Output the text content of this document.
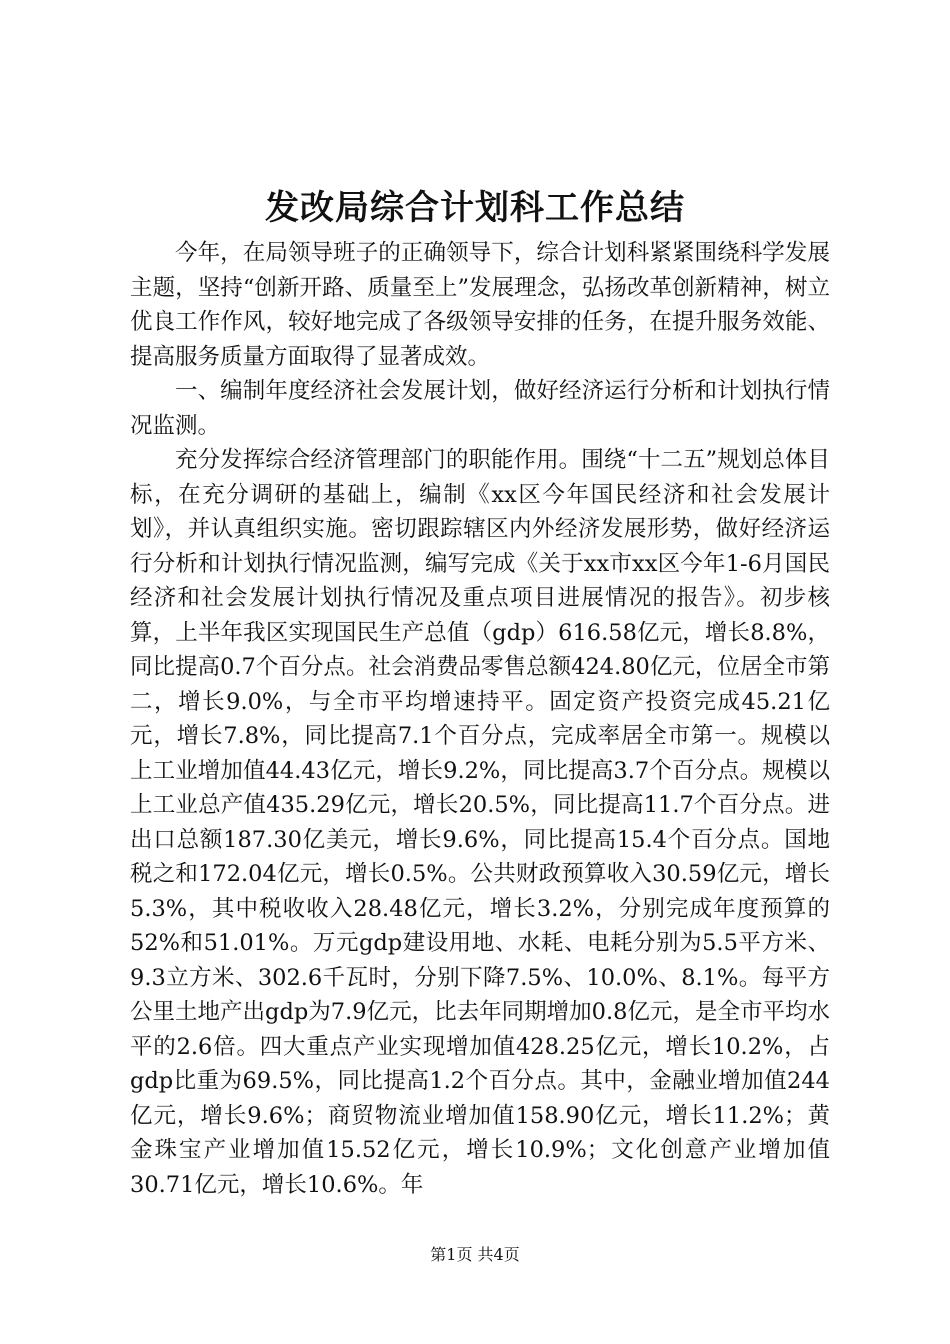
发改局综合计划科工作总结

今年，在局领导班子的正确领导下，综合计划科紧紧围绕科学发展主题，坚持“创新开路、质量至上”发展理念，弘扬改革创新精神，树立优良工作作风，较好地完成了各级领导安排的任务，在提升服务效能、提高服务质量方面取得了显著成效。

一、编制年度经济社会发展计划，做好经济运行分析和计划执行情况监测。

充分发挥综合经济管理部门的职能作用。围绕“十二五”规划总体目标，在充分调研的基础上，编制《xx区今年国民经济和社会发展计划》，并认真组织实施。密切跟踪辖区内外经济发展形势，做好经济运行分析和计划执行情况监测，编写完成《关于xx市xx区今年1-6月国民经济和社会发展计划执行情况及重点项目进展情况的报告》。初步核算，上半年我区实现国民生产总值（gdp）616.58亿元，增长8.8%，同比提高0.7个百分点。社会消费品零售总额424.80亿元，位居全市第二，增长9.0%，与全市平均增速持平。固定资产投资完成45.21亿元，增长7.8%，同比提高7.1个百分点，完成率居全市第一。规模以上工业增加值44.43亿元，增长9.2%，同比提高3.7个百分点。规模以上工业总产值435.29亿元，增长20.5%，同比提高11.7个百分点。进出口总额187.30亿美元，增长9.6%，同比提高15.4个百分点。国地税之和172.04亿元，增长0.5%。公共财政预算收入30.59亿元，增长5.3%，其中税收收入28.48亿元，增长3.2%，分别完成年度预算的52%和51.01%。万元gdp建设用地、水耗、电耗分别为5.5平方米、9.3立方米、302.6千瓦时，分别下降7.5%、10.0%、8.1%。每平方公里土地产出gdp为7.9亿元，比去年同期增加0.8亿元，是全市平均水平的2.6倍。四大重点产业实现增加值428.25亿元，增长10.2%，占gdp比重为69.5%，同比提高1.2个百分点。其中，金融业增加值244亿元，增长9.6%；商贸物流业增加值158.90亿元，增长11.2%；黄金珠宝产业增加值15.52亿元，增长10.9%；文化创意产业增加值30.71亿元，增长10.6%。年

第1页 共4页
